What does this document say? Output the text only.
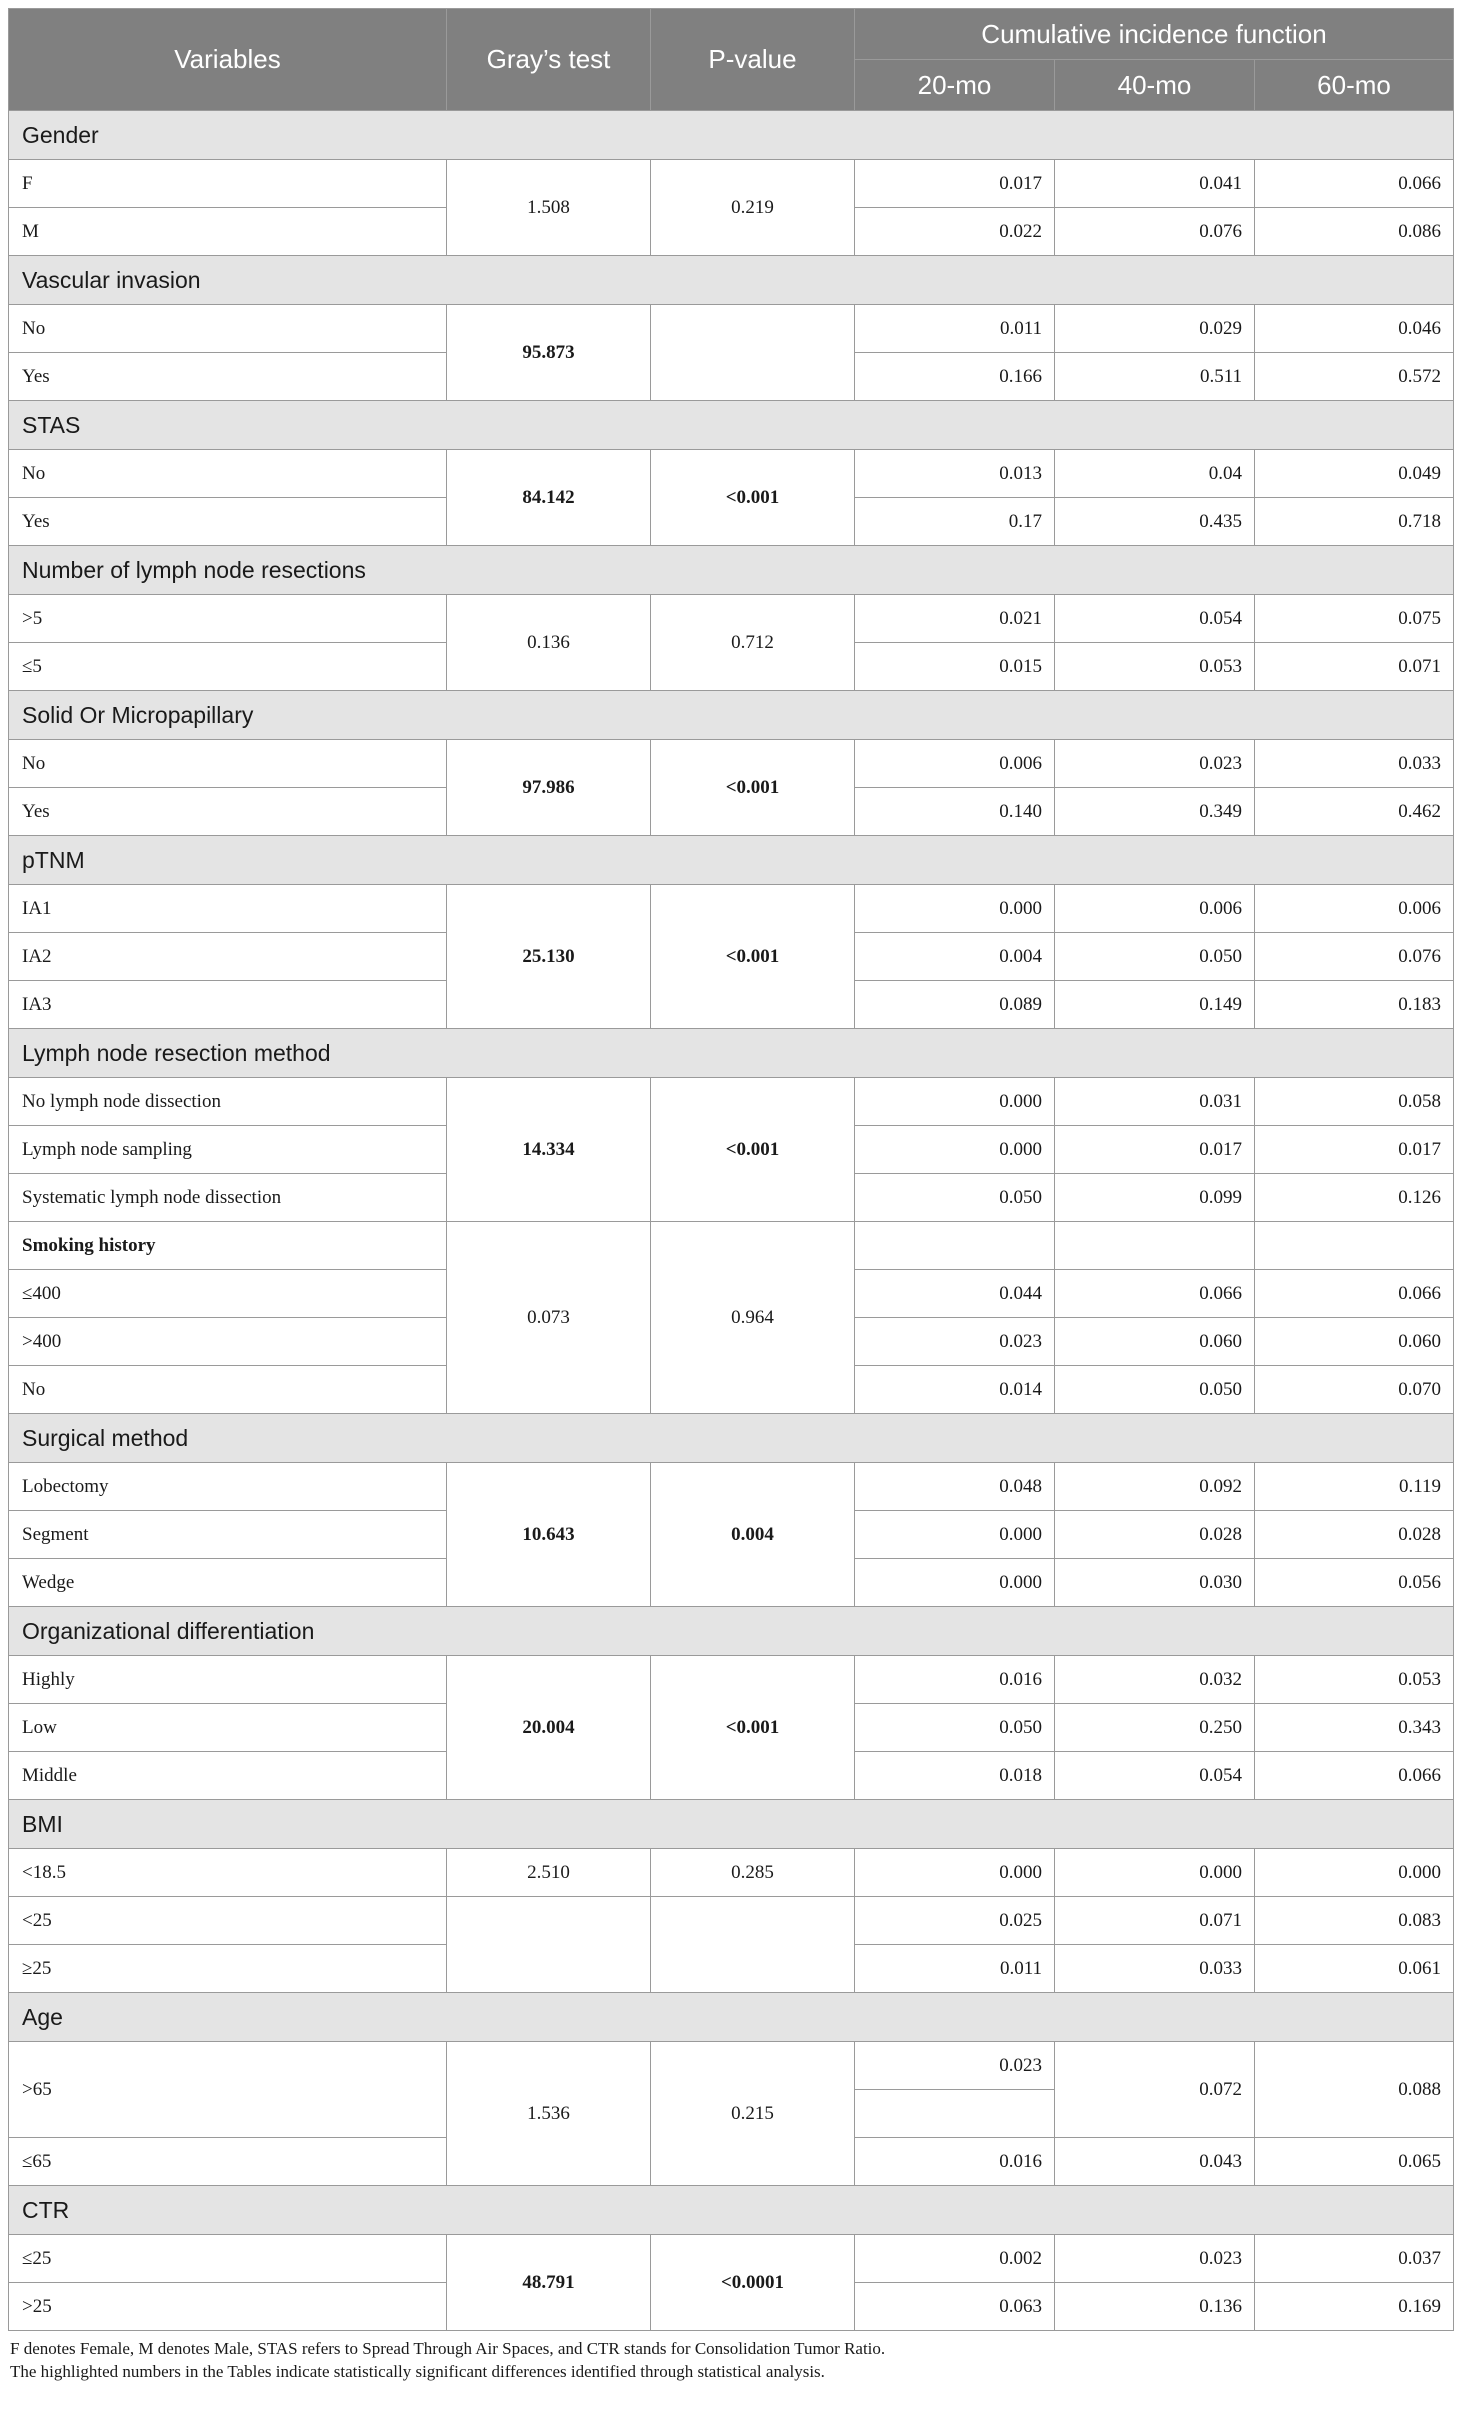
Variables	Gray’s test	P-value	Cumulative incidence function		
			20-mo	40-mo	60-mo
Gender					
F	1.508	0.219	0.017	0.041	0.066
M			0.022	0.076	0.086
Vascular invasion					
No	95.873		0.011	0.029	0.046
Yes			0.166	0.511	0.572
STAS					
No	84.142	<0.001	0.013	0.04	0.049
Yes			0.17	0.435	0.718
Number of lymph node resections					
>5	0.136	0.712	0.021	0.054	0.075
≤5			0.015	0.053	0.071
Solid Or Micropapillary					
No	97.986	<0.001	0.006	0.023	0.033
Yes			0.140	0.349	0.462
pTNM					
IA1	25.130	<0.001	0.000	0.006	0.006
IA2			0.004	0.050	0.076
IA3			0.089	0.149	0.183
Lymph node resection method					
No lymph node dissection	14.334	<0.001	0.000	0.031	0.058
Lymph node sampling			0.000	0.017	0.017
Systematic lymph node dissection			0.050	0.099	0.126
Smoking history	0.073	0.964			
≤400			0.044	0.066	0.066
>400			0.023	0.060	0.060
No			0.014	0.050	0.070
Surgical method					
Lobectomy	10.643	0.004	0.048	0.092	0.119
Segment			0.000	0.028	0.028
Wedge			0.000	0.030	0.056
Organizational differentiation					
Highly	20.004	<0.001	0.016	0.032	0.053
Low			0.050	0.250	0.343
Middle			0.018	0.054	0.066
BMI					
<18.5	2.510	0.285	0.000	0.000	0.000
<25			0.025	0.071	0.083
≥25			0.011	0.033	0.061
Age					
>65	1.536	0.215	0.023	0.072	0.088

≤65			0.016	0.043	0.065
CTR					
≤25	48.791	<0.0001	0.002	0.023	0.037
>25			0.063	0.136	0.169
F denotes Female, M denotes Male, STAS refers to Spread Through Air Spaces, and CTR stands for Consolidation Tumor Ratio.
The highlighted numbers in the Tables indicate statistically significant differences identified through statistical analysis.
